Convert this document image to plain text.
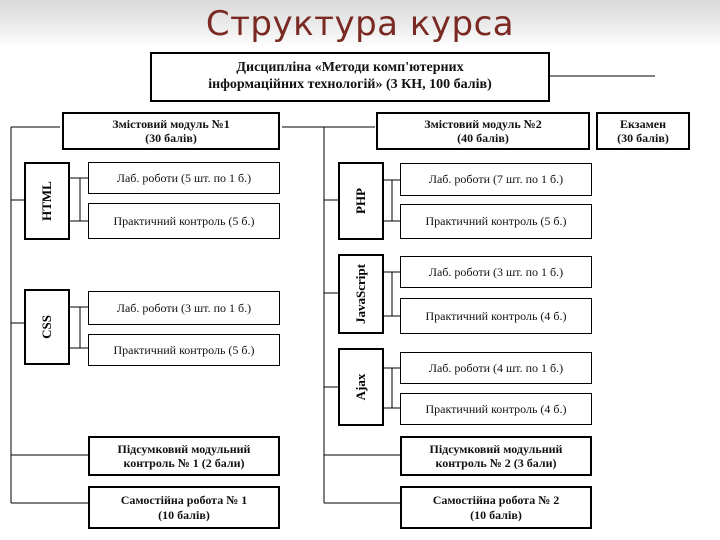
Структура курса
Дисципліна «Методи комп'ютерних
інформаційних технологій» (3 КН, 100 балів)
Змістовий модуль №1
(30 балів)
Змістовий модуль №2
(40 балів)
Екзамен
(30 балів)
HTML
Лаб. роботи (5 шт. по 1 б.)
Практичний контроль (5 б.)
CSS
Лаб. роботи (3 шт. по 1 б.)
Практичний контроль (5 б.)
Підсумковий модульний
контроль № 1 (2 бали)
Самостійна робота № 1
(10 балів)
PHP
Лаб. роботи (7 шт. по 1 б.)
Практичний контроль (5 б.)
JavaScript	Лаб. роботи (3 шт. по 1 б.)
Практичний контроль (4 б.)
Ajax
Лаб. роботи (4 шт. по 1 б.)
Практичний контроль (4 б.)
Підсумковий модульний
контроль № 2 (3 бали)
Самостійна робота № 2
(10 балів)
